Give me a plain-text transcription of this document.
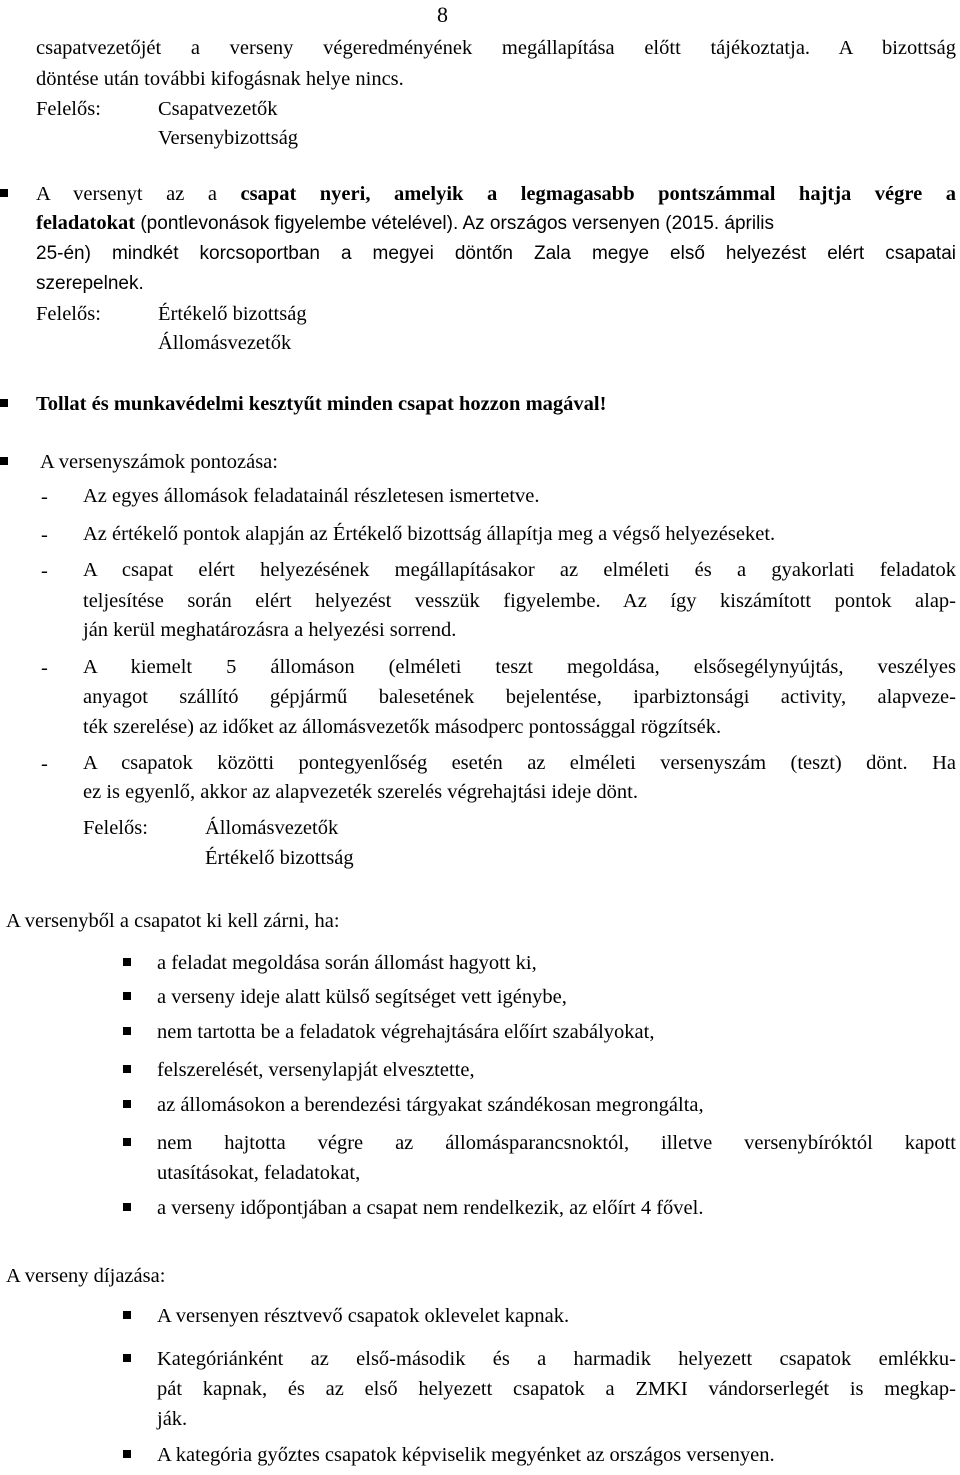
8
csapatvezetőjét a verseny végeredményének megállapítása előtt tájékoztatja. A bizottság
döntése után további kifogásnak helye nincs.
Felelős:	Csapatvezetők
Versenybizottság
A versenyt az a csapat nyeri, amelyik a legmagasabb pontszámmal hajtja végre a
feladatokat (pontlevonások figyelembe vételével). Az országos versenyen (2015. április
25-én) mindkét korcsoportban a megyei döntőn Zala megye első helyezést elért csapatai
szerepelnek.
Felelős:	Értékelő bizottság
Állomásvezetők
Tollat és munkavédelmi kesztyűt minden csapat hozzon magával!
A versenyszámok pontozása:
- Az egyes állomások feladatainál részletesen ismertetve.
- Az értékelő pontok alapján az Értékelő bizottság állapítja meg a végső helyezéseket.
- A csapat elért helyezésének megállapításakor az elméleti és a gyakorlati feladatok
teljesítése során elért helyezést vesszük figyelembe. Az így kiszámított pontok alap-
ján kerül meghatározásra a helyezési sorrend.
- A kiemelt 5 állomáson (elméleti teszt megoldása, elsősegélynyújtás, veszélyes
anyagot szállító gépjármű balesetének bejelentése, iparbiztonsági activity, alapveze-
ték szerelése) az időket az állomásvezetők másodperc pontossággal rögzítsék.
- A csapatok közötti pontegyenlőség esetén az elméleti versenyszám (teszt) dönt. Ha
ez is egyenlő, akkor az alapvezeték szerelés végrehajtási ideje dönt.
Felelős:	Állomásvezetők
Értékelő bizottság
A versenyből a csapatot ki kell zárni, ha:
a feladat megoldása során állomást hagyott ki,
a verseny ideje alatt külső segítséget vett igénybe,
nem tartotta be a feladatok végrehajtására előírt szabályokat,
felszerelését, versenylapját elvesztette,
az állomásokon a berendezési tárgyakat szándékosan megrongálta,
nem hajtotta végre az állomásparancsnoktól, illetve versenybíróktól kapott
utasításokat, feladatokat,
a verseny időpontjában a csapat nem rendelkezik, az előírt 4 fővel.
A verseny díjazása:
A versenyen résztvevő csapatok oklevelet kapnak.
Kategóriánként az első-második és a harmadik helyezett csapatok emlékku-
pát kapnak, és az első helyezett csapatok a ZMKI vándorserlegét is megkap-
ják.
A kategória győztes csapatok képviselik megyénket az országos versenyen.
